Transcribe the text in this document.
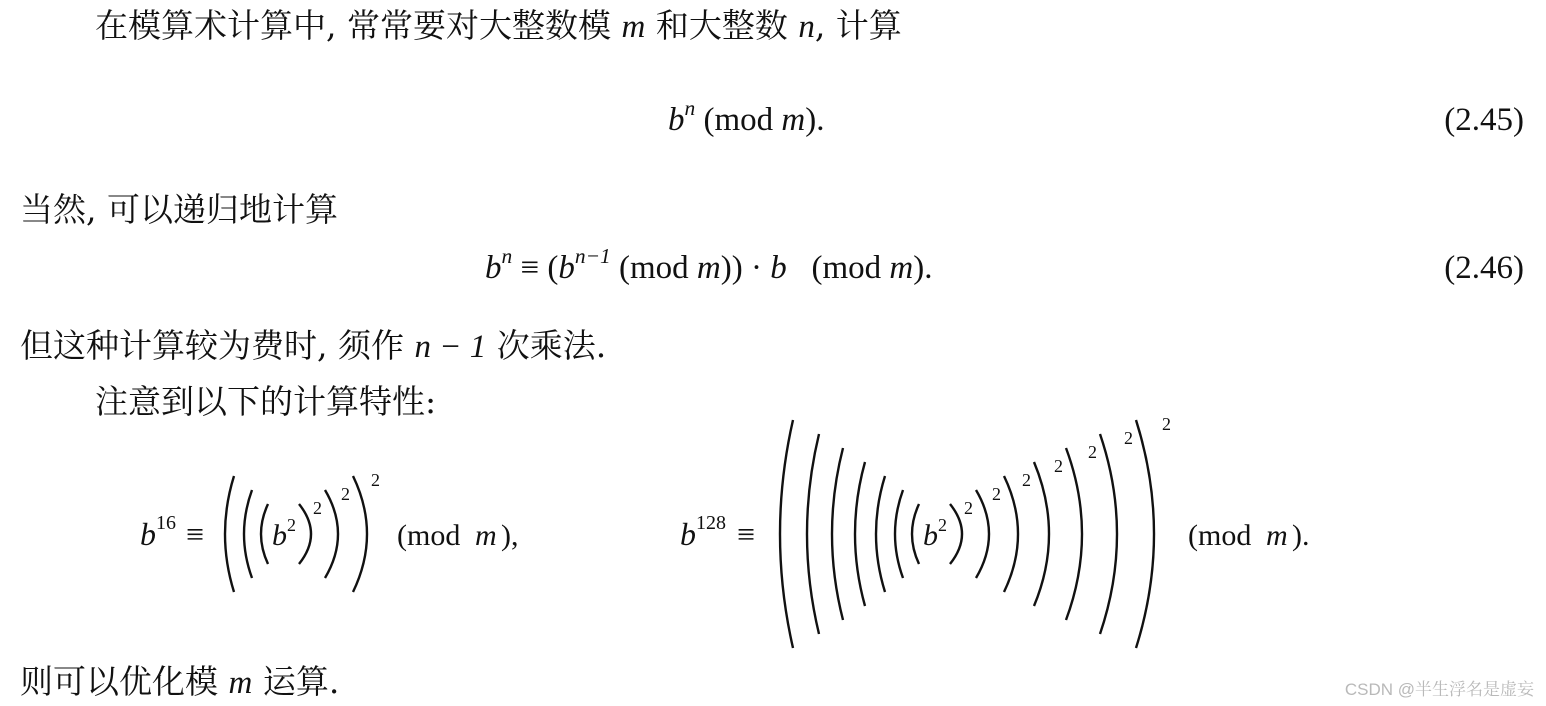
在模算术计算中, 常常要对大整数模 m 和大整数 n, 计算
$b^n$ (mod m).	(2.45)
当然, 可以递归地计算
$b^n \equiv (b^{n-1}$ (mod m)) · b (mod m).	(2.46)
但这种计算较为费时, 须作 n − 1 次乘法.
注意到以下的计算特性:
b 16 ≡ b 2
2
2
2
(mod m ),	b 128 ≡	b 2
2
2
2
2
2
2
2
(mod m ).
则可以优化模 m 运算.	CSDN @半生浮名是虚妄
